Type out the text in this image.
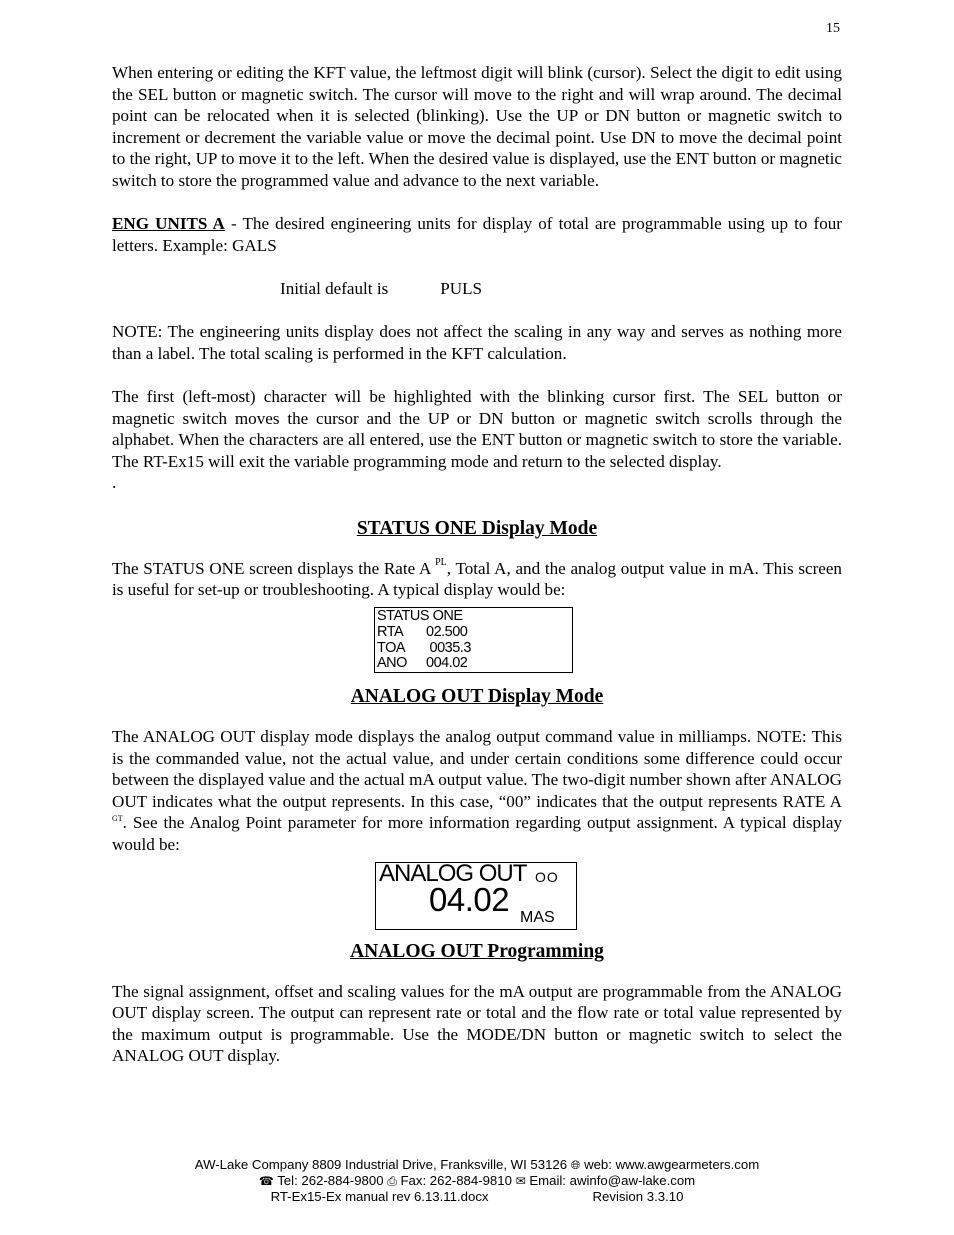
15

When entering or editing the KFT value, the leftmost digit will blink (cursor). Select the digit to edit using the SEL button or magnetic switch. The cursor will move to the right and will wrap around. The decimal point can be relocated when it is selected (blinking). Use the UP or DN button or magnetic switch to increment or decrement the variable value or move the decimal point. Use DN to move the decimal point to the right, UP to move it to the left. When the desired value is displayed, use the ENT button or magnetic switch to store the programmed value and advance to the next variable.

ENG UNITS A - The desired engineering units for display of total are programmable using up to four letters. Example: GALS

Initial default is	PULS

NOTE: The engineering units display does not affect the scaling in any way and serves as nothing more than a label. The total scaling is performed in the KFT calculation.

The first (left-most) character will be highlighted with the blinking cursor first. The SEL button or magnetic switch moves the cursor and the UP or DN button or magnetic switch scrolls through the alphabet. When the characters are all entered, use the ENT button or magnetic switch to store the variable. The RT-Ex15 will exit the variable programming mode and return to the selected display.

.

STATUS ONE Display Mode

The STATUS ONE screen displays the Rate A $^{PL}$, Total A, and the analog output value in mA. This screen is useful for set-up or troubleshooting. A typical display would be:

STATUS ONE
RTA	02.500
TOA	0035.3
ANO	004.02
ANALOG OUT Display Mode

The ANALOG OUT display mode displays the analog output command value in milliamps. NOTE: This is the commanded value, not the actual value, and under certain conditions some difference could occur between the displayed value and the actual mA output value. The two-digit number shown after ANALOG OUT indicates what the output represents. In this case, “00” indicates that the output represents RATE A $^{GT}$. See the Analog Point parameter for more information regarding output assignment. A typical display would be:

ANALOG OUT OO
04.02 MAS
ANALOG OUT Programming

The signal assignment, offset and scaling values for the mA output are programmable from the ANALOG OUT display screen. The output can represent rate or total and the flow rate or total value represented by the maximum output is programmable. Use the MODE/DN button or magnetic switch to select the ANALOG OUT display.

AW-Lake Company 8809 Industrial Drive, Franksville, WI 53126 🌐︎ web: www.awgearmeters.com
☎ Tel: 262-884-9800 ⎙ Fax: 262-884-9810 ✉ Email: awinfo@aw-lake.com
RT-Ex15-Ex manual rev 6.13.11.docx	Revision 3.3.10
